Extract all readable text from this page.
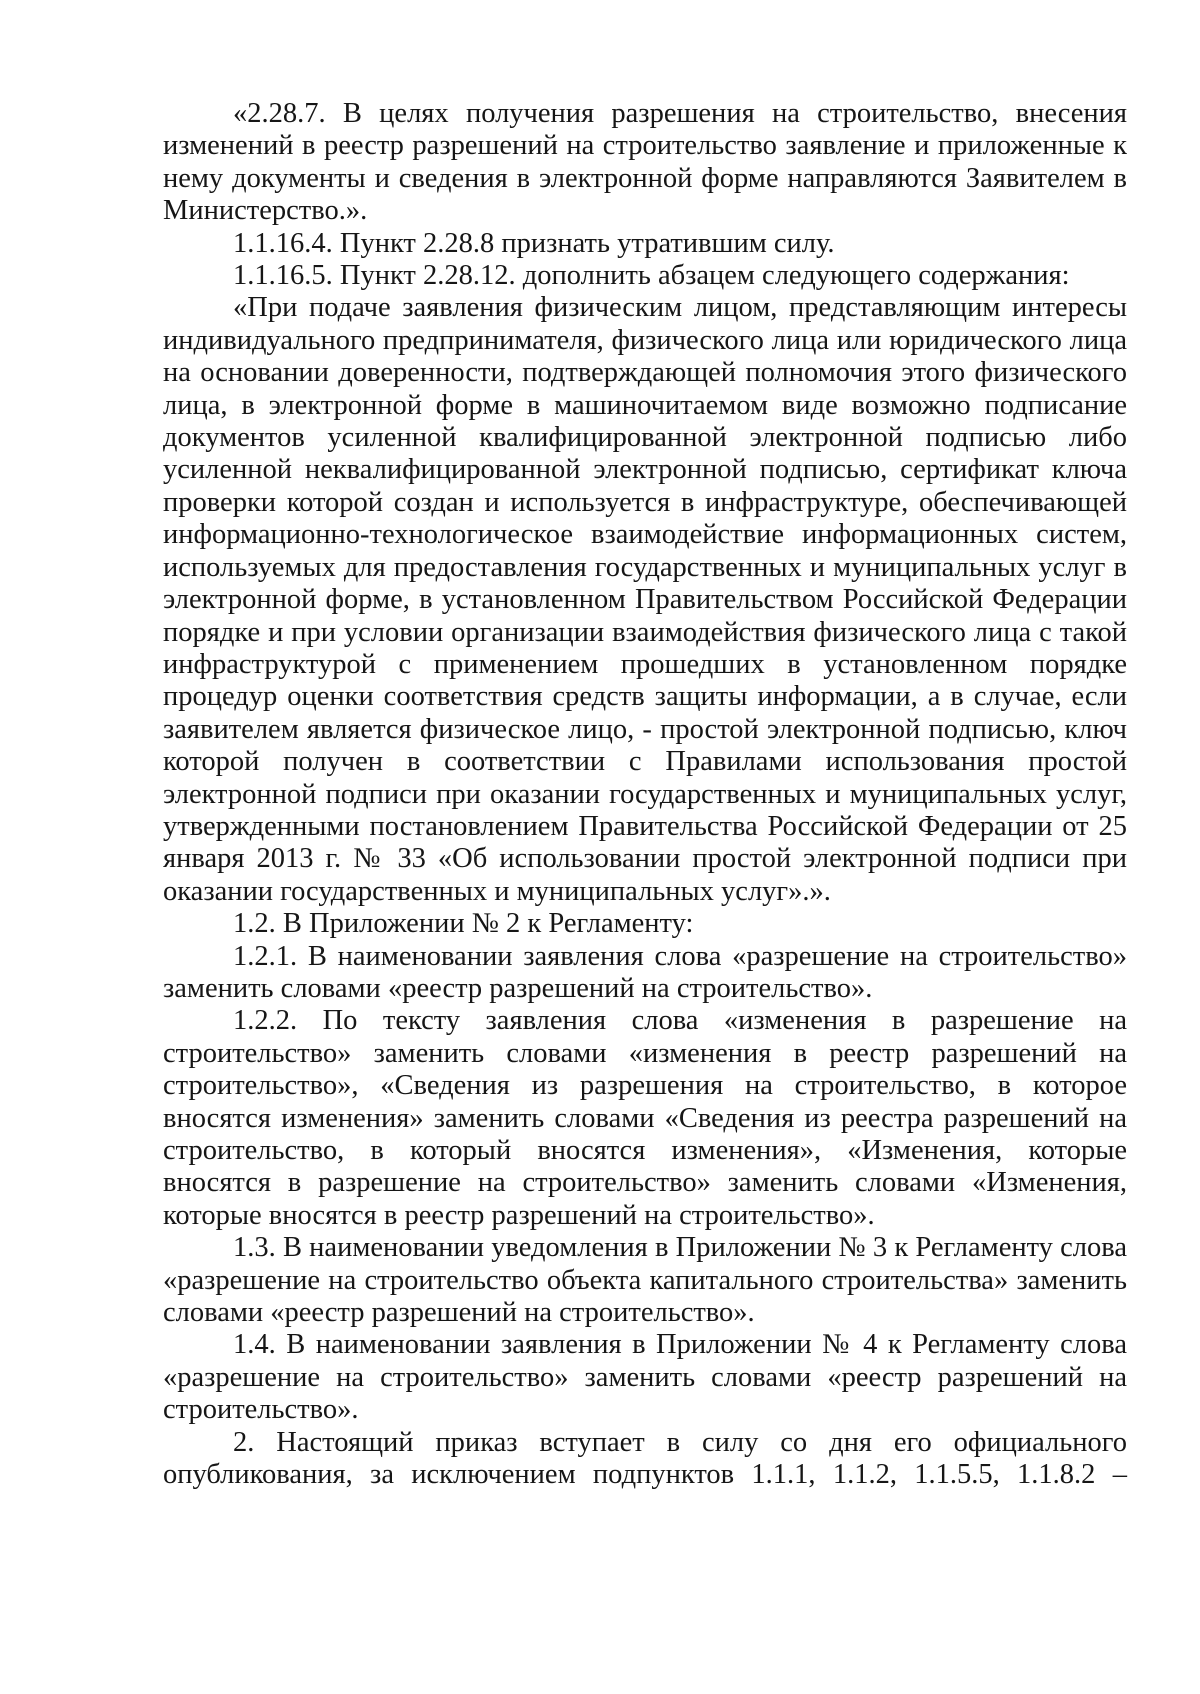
«2.28.7. В целях получения разрешения на строительство, внесения изменений в реестр разрешений на строительство заявление и приложенные к нему документы и сведения в электронной форме направляются Заявителем в Министерство.».

1.1.16.4. Пункт 2.28.8 признать утратившим силу.

1.1.16.5. Пункт 2.28.12. дополнить абзацем следующего содержания:

«При подаче заявления физическим лицом, представляющим интересы индивидуального предпринимателя, физического лица или юридического лица на основании доверенности, подтверждающей полномочия этого физического лица, в электронной форме в машиночитаемом виде возможно подписание документов усиленной квалифицированной электронной подписью либо усиленной неквалифицированной электронной подписью, сертификат ключа проверки которой создан и используется в инфраструктуре, обеспечивающей информационно-технологическое взаимодействие информационных систем, используемых для предоставления государственных и муниципальных услуг в электронной форме, в установленном Правительством Российской Федерации порядке и при условии организации взаимодействия физического лица с такой инфраструктурой с применением прошедших в установленном порядке процедур оценки соответствия средств защиты информации, а в случае, если заявителем является физическое лицо, - простой электронной подписью, ключ которой получен в соответствии с Правилами использования простой электронной подписи при оказании государственных и муниципальных услуг, утвержденными постановлением Правительства Российской Федерации от 25 января 2013 г. № 33 «Об использовании простой электронной подписи при оказании государственных и муниципальных услуг».».

1.2. В Приложении № 2 к Регламенту:

1.2.1. В наименовании заявления слова «разрешение на строительство» заменить словами «реестр разрешений на строительство».

1.2.2. По тексту заявления слова «изменения в разрешение на строительство» заменить словами «изменения в реестр разрешений на строительство», «Сведения из разрешения на строительство, в которое вносятся изменения» заменить словами «Сведения из реестра разрешений на строительство, в который вносятся изменения», «Изменения, которые вносятся в разрешение на строительство» заменить словами «Изменения, которые вносятся в реестр разрешений на строительство».

1.3. В наименовании уведомления в Приложении № 3 к Регламенту слова «разрешение на строительство объекта капитального строительства» заменить словами «реестр разрешений на строительство».

1.4. В наименовании заявления в Приложении № 4 к Регламенту слова «разрешение на строительство» заменить словами «реестр разрешений на строительство».

2. Настоящий приказ вступает в силу со дня его официального опубликования, за исключением подпунктов 1.1.1, 1.1.2, 1.1.5.5, 1.1.8.2 –
